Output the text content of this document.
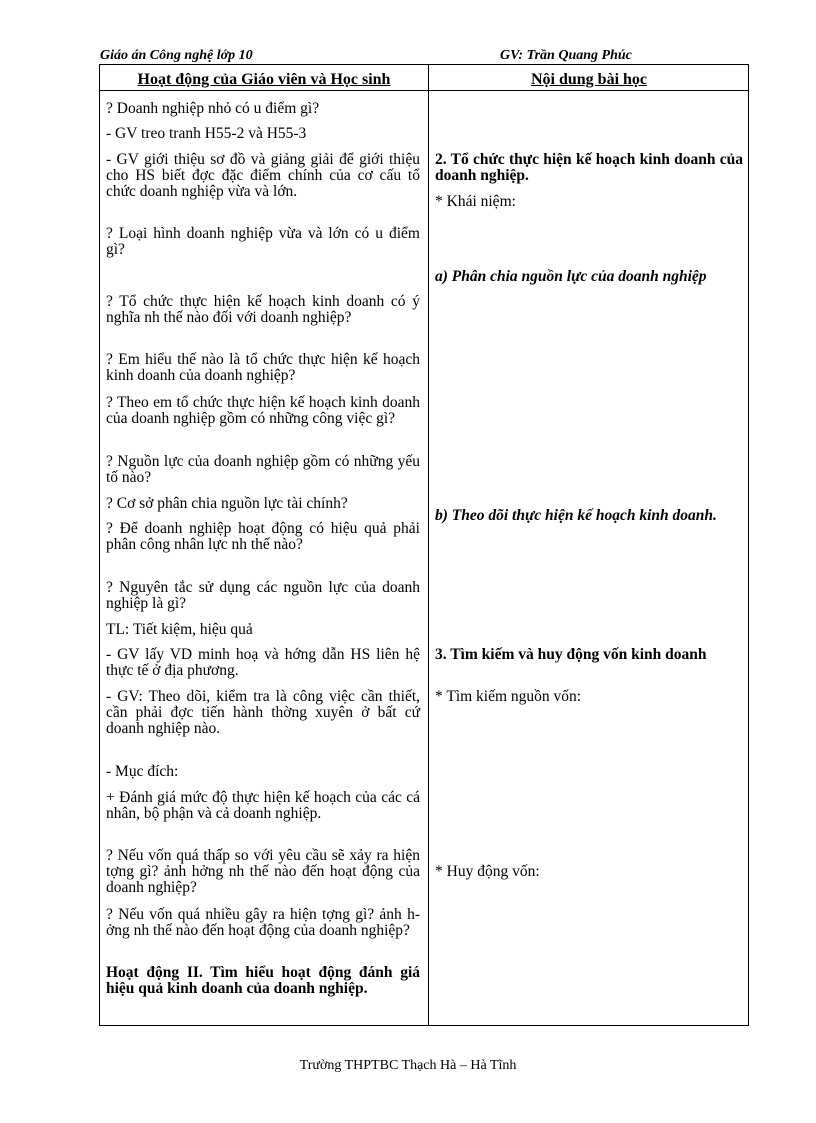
Giáo án Công nghệ lớp 10	GV: Trần Quang Phúc
Hoạt động của Giáo viên và Học sinh	Nội dung bài học
? Doanh nghiệp nhỏ có u điểm gì?
- GV treo tranh H55-2 và H55-3
- GV giới thiệu sơ đồ và giảng giải để giới thiệu cho HS biết đợc đặc điểm chính của cơ cấu tổ chức doanh nghiệp vừa và lớn.
? Loại hình doanh nghiệp vừa và lớn có u điểm gì?
? Tổ chức thực hiện kế hoạch kinh doanh có ý nghĩa nh thế nào đối với doanh nghiệp?
? Em hiểu thế nào là tổ chức thực hiện kế hoạch kinh doanh của doanh nghiệp?
? Theo em tổ chức thực hiện kế hoạch kinh doanh của doanh nghiệp gồm có những công việc gì?
? Nguồn lực của doanh nghiệp gồm có những yếu tố nào?
? Cơ sở phân chia nguồn lực tài chính?
? Để doanh nghiệp hoạt động có hiệu quả phải phân công nhân lực nh thế nào?
? Nguyên tắc sử dụng các nguồn lực của doanh nghiệp là gì?
TL: Tiết kiệm, hiệu quả
- GV lấy VD minh hoạ và hớng dẫn HS liên hệ thực tế ở địa phương.
- GV: Theo dõi, kiểm tra là công việc cần thiết, cần phải đợc tiến hành thờng xuyên ở bất cứ doanh nghiệp nào.
- Mục đích:
+ Đánh giá mức độ thực hiện kế hoạch của các cá nhân, bộ phận và cả doanh nghiệp.
? Nếu vốn quá thấp so với yêu cầu sẽ xảy ra hiện tợng gì? ảnh hởng nh thế nào đến hoạt động của doanh nghiệp?
? Nếu vốn quá nhiều gây ra hiện tợng gì? ảnh hởng nh thế nào đến hoạt động của doanh nghiệp?
Hoạt động II. Tìm hiểu hoạt động đánh giá hiệu quả kinh doanh của doanh nghiệp.
2. Tổ chức thực hiện kế hoạch kinh doanh của doanh nghiệp.
* Khái niệm:
a) Phân chia nguồn lực của doanh nghiệp
b) Theo dõi thực hiện kế hoạch kinh doanh.
3. Tìm kiếm và huy động vốn kinh doanh
* Tìm kiếm nguồn vốn:
* Huy động vốn:
Trường THPTBC Thạch Hà – Hà Tĩnh
